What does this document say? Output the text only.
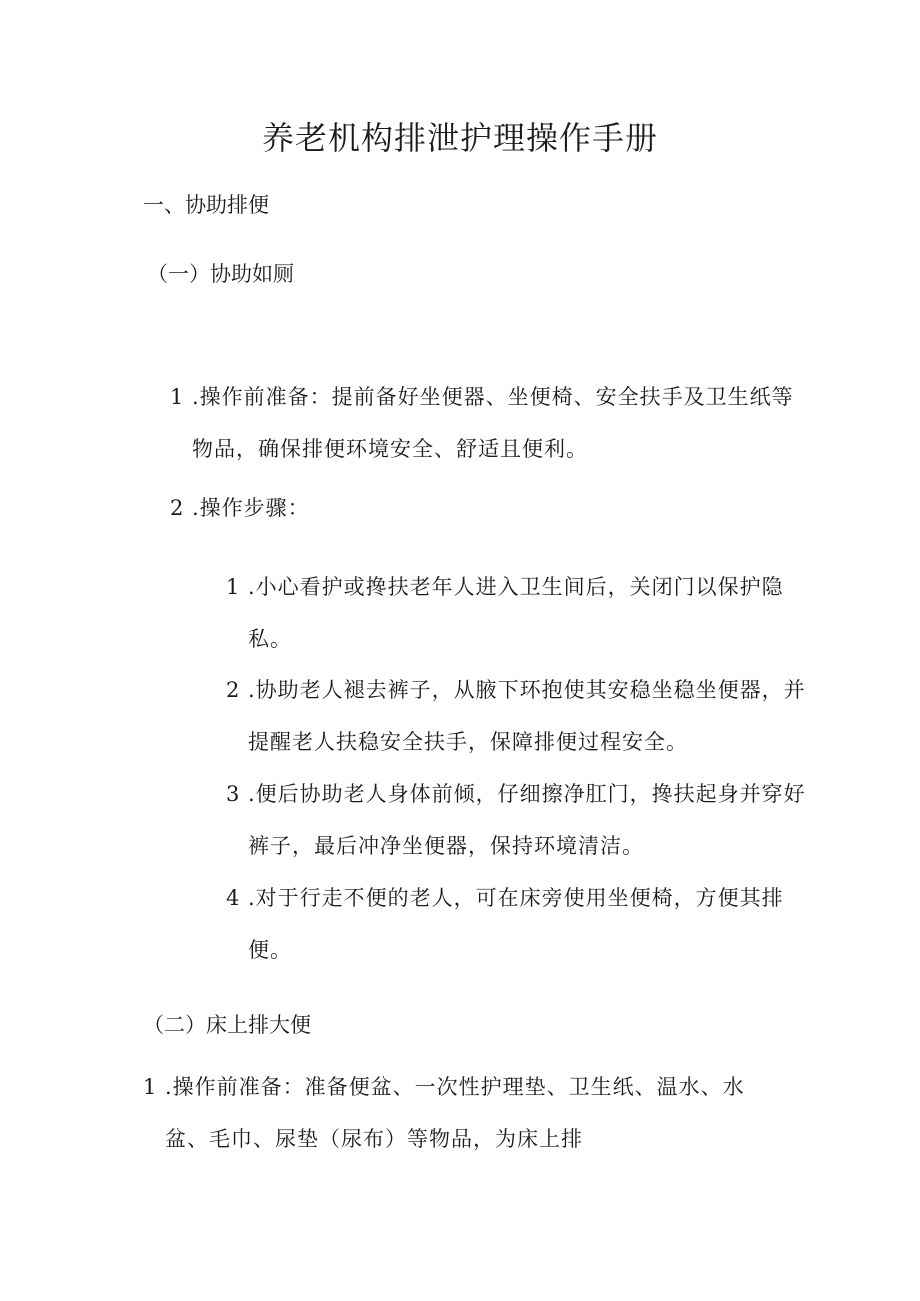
养老机构排泄护理操作手册
一、协助排便
（一）协助如厕
1 .操作前准备：提前备好坐便器、坐便椅、安全扶手及卫生纸等物品，确保排便环境安全、舒适且便利。
2 .操作步骤：
1 .小心看护或搀扶老年人进入卫生间后，关闭门以保护隐私。
2 .协助老人褪去裤子，从腋下环抱使其安稳坐稳坐便器，并提醒老人扶稳安全扶手，保障排便过程安全。
3 .便后协助老人身体前倾，仔细擦净肛门，搀扶起身并穿好裤子，最后冲净坐便器，保持环境清洁。
4 .对于行走不便的老人，可在床旁使用坐便椅，方便其排便。
（二）床上排大便
1 .操作前准备：准备便盆、一次性护理垫、卫生纸、温水、水盆、毛巾、尿垫（尿布）等物品，为床上排
